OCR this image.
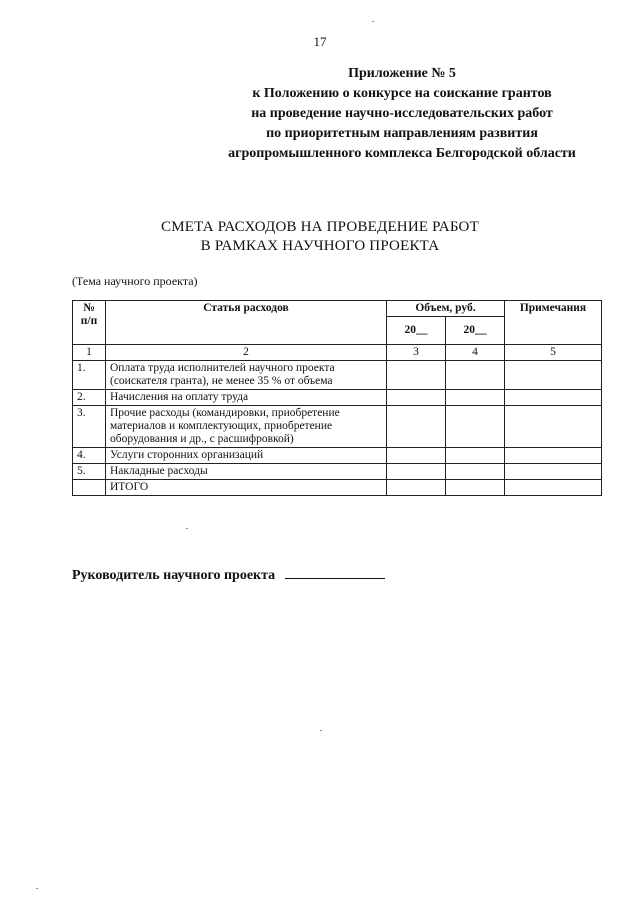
17
Приложение № 5
к Положению о конкурсе на соискание грантов
на проведение научно-исследовательских работ
по приоритетным направлениям развития
агропромышленного комплекса Белгородской области
СМЕТА РАСХОДОВ НА ПРОВЕДЕНИЕ РАБОТ
В РАМКАХ НАУЧНОГО ПРОЕКТА
(Тема научного проекта)
№ п/п	Статья расходов	Объем, руб.		Примечания
		20__	20__	
1	2	3	4	5
1.	Оплата труда исполнителей научного проекта (соискателя гранта), не менее 35 % от объема			
2.	Начисления на оплату труда			
3.	Прочие расходы (командировки, приобретение материалов и комплектующих, приобретение оборудования и др., с расшифровкой)			
4.	Услуги сторонних организаций			
5.	Накладные расходы			
	ИТОГО			
Руководитель научного проекта
